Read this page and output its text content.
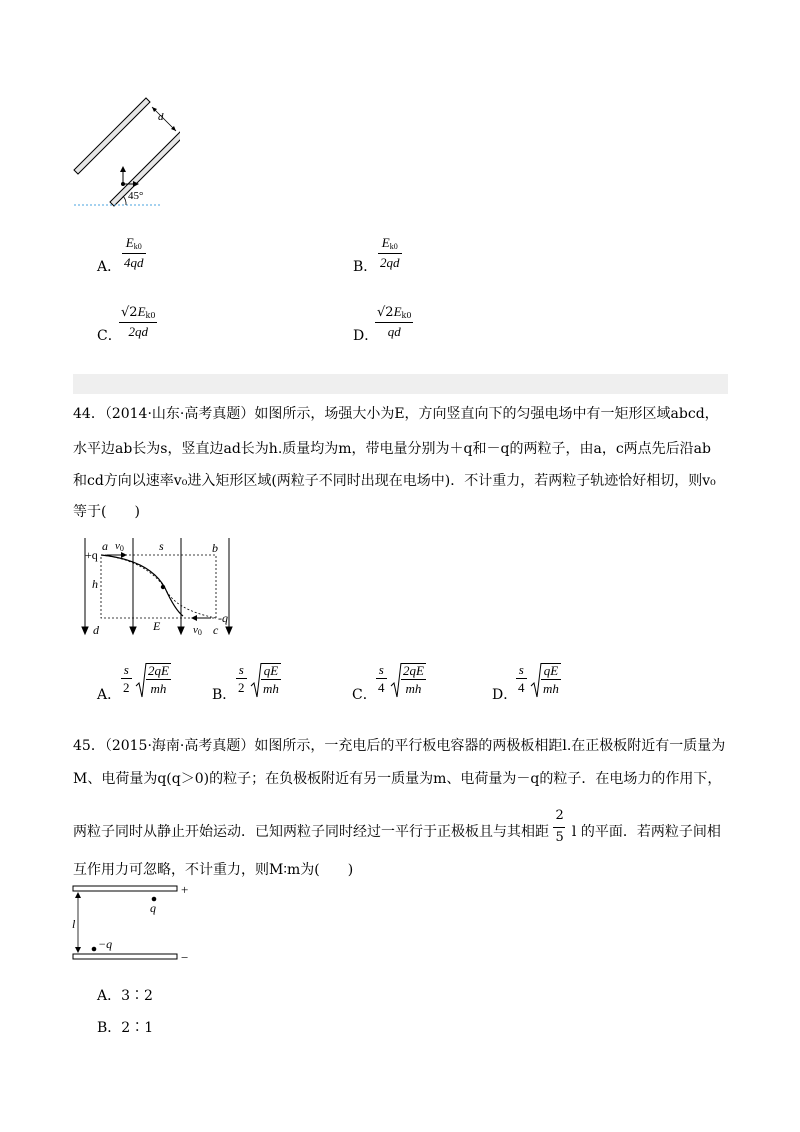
d
45°
A． $\frac{E_{k0}}{4qd}$	B． $\frac{E_{k0}}{2qd}$
C．
$\frac{√2E_{k0}}{2qd}$	D．
$\frac{√2E_{k0}}{qd}$
44．（2014·山东·高考真题）如图所示，场强大小为E，方向竖直向下的匀强电场中有一矩形区域abcd，
水平边ab长为s，竖直边ad长为h.质量均为m，带电量分别为＋q和－q的两粒子，由a，c两点先后沿ab
和cd方向以速率v₀进入矩形区域(两粒子不同时出现在电场中)．不计重力，若两粒子轨迹恰好相切，则v₀
等于(　　)
+q
a v0	s	b
h
-q
d	E	v0 c
A．
$\frac{s}{2} \frac{2qE}{mh}$	B．
$\frac{s}{2} \frac{qE}{mh}$	C．
$\frac{s}{4} \frac{2qE}{mh}$	D．
$\frac{s}{4} \frac{qE}{mh}$
45．（2015·海南·高考真题）如图所示，一充电后的平行板电容器的两极板相距l.在正极板附近有一质量为
M、电荷量为q(q＞0)的粒子；在负极板附近有另一质量为m、电荷量为－q的粒子．在电场力的作用下，
两粒子同时从静止开始运动．已知两粒子同时经过一平行于正极板且与其相距 $\frac{2}{5}$ l 的平面．若两粒子间相
互作用力可忽略，不计重力，则M∶m为(　　)
+
−
q
−q
l
A．3∶2
B．2∶1
